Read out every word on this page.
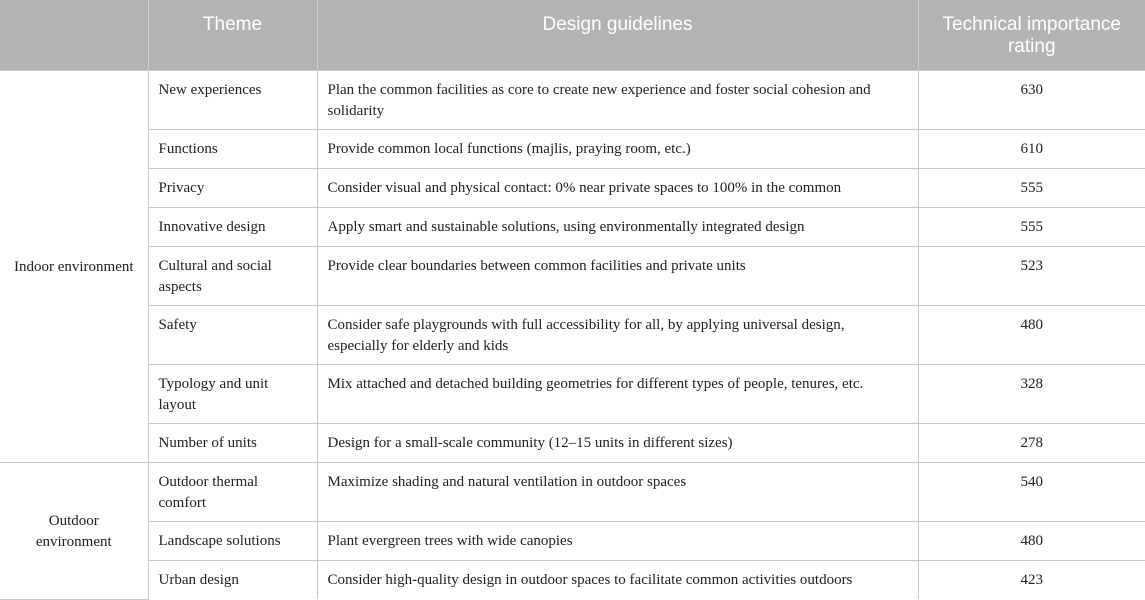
	Theme	Design guidelines	Technical importance rating
Indoor environment	New experiences	Plan the common facilities as core to create new experience and foster social cohesion and solidarity	630
	Functions	Provide common local functions (majlis, praying room, etc.)	610
	Privacy	Consider visual and physical contact: 0% near private spaces to 100% in the common	555
	Innovative design	Apply smart and sustainable solutions, using environmentally integrated design	555
	Cultural and social aspects	Provide clear boundaries between common facilities and private units	523
	Safety	Consider safe playgrounds with full accessibility for all, by applying universal design, especially for elderly and kids	480
	Typology and unit layout	Mix attached and detached building geometries for different types of people, tenures, etc.	328
	Number of units	Design for a small-scale community (12–15 units in different sizes)	278
Outdoor environment	Outdoor thermal comfort	Maximize shading and natural ventilation in outdoor spaces	540
	Landscape solutions	Plant evergreen trees with wide canopies	480
	Urban design	Consider high-quality design in outdoor spaces to facilitate common activities outdoors	423
